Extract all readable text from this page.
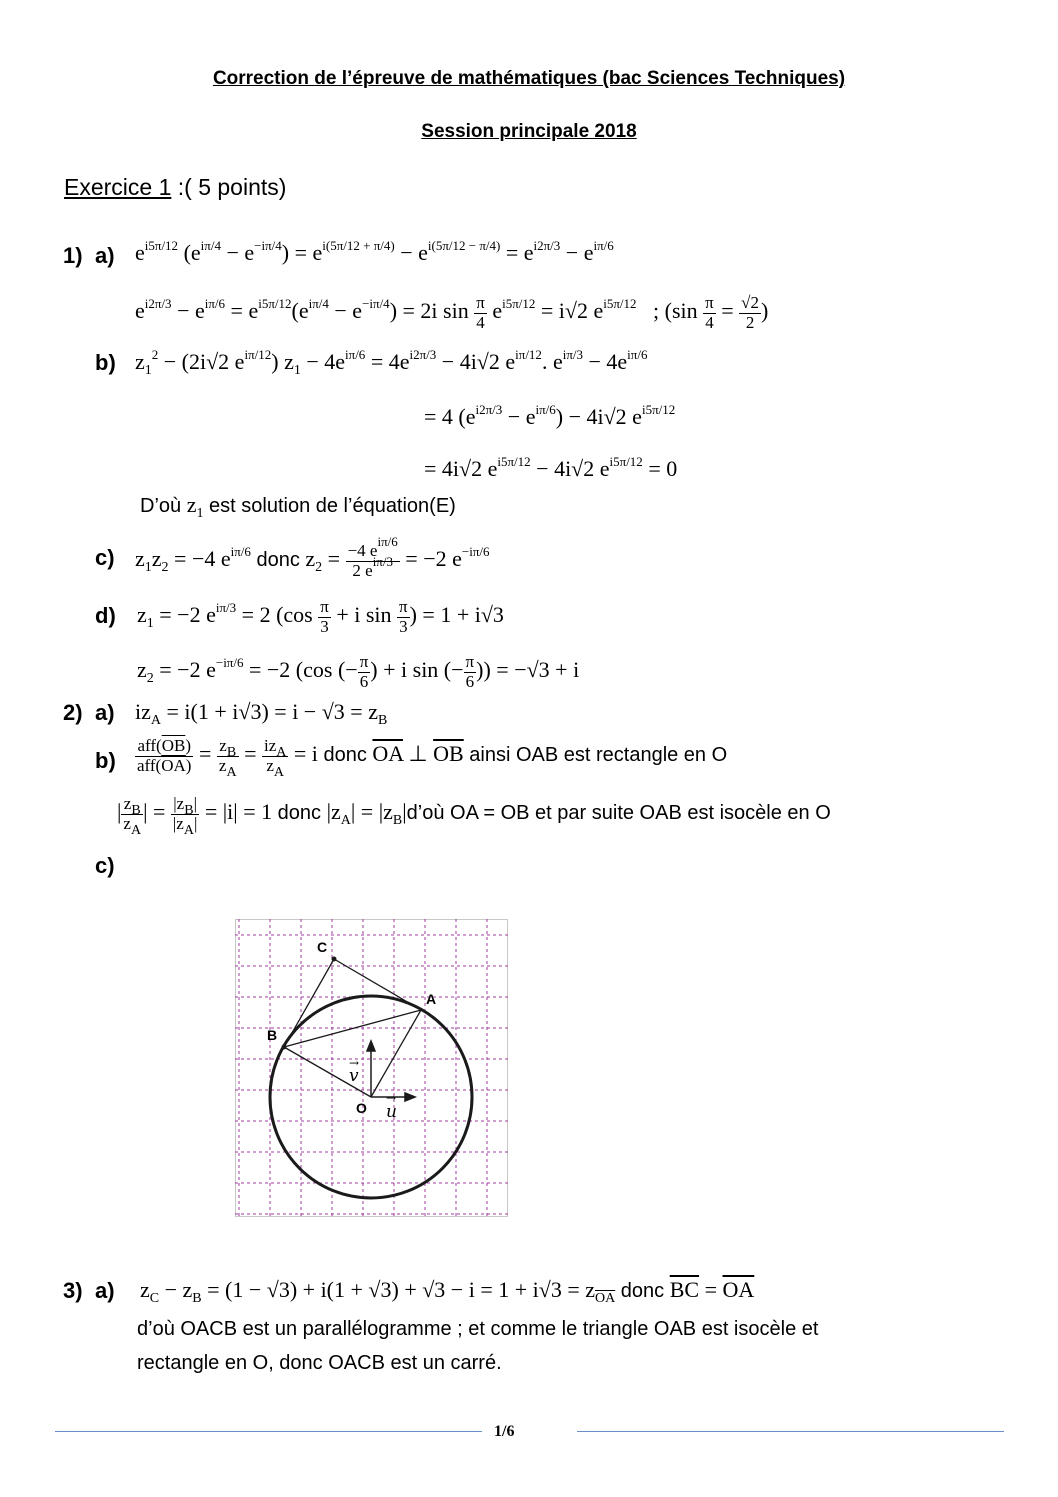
Correction de l’épreuve de mathématiques (bac Sciences Techniques)
Session principale 2018
Exercice 1 :( 5 points)
1) a) $e^{i5\pi/12}$ $(e^{i\pi/4} - e^{-i\pi/4}) = e^{i(5\pi/12 + \pi/4)} - e^{i(5\pi/12 - \pi/4)} = e^{i2\pi/3} - e^{i\pi/6}$
$e^{i2\pi/3} - e^{i\pi/6} = e^{i5\pi/12}(e^{i\pi/4} - e^{-i\pi/4}) = 2i$ $\sin \frac{\pi}{4} e^{i5\pi/12} = i√2$ $e^{i5\pi/12}$   ; ($\sin \frac{\pi}{4} = \frac{√2}{2}$ )
b) $z_1^2 - (2i√2$ $e^{i\pi/12}$) $z_1 - 4e^{i\pi/6} = 4e^{i2\pi/3} - 4i√2$ $e^{i\pi/12}$. $e^{i\pi/3} - 4e^{i\pi/6}$
= 4 $(e^{i2\pi/3} - e^{i\pi/6}) - 4i√2$ $e^{i5\pi/12}$
= 4i√2 $e^{i5\pi/12} - 4i√2$ $e^{i5\pi/12} = 0$
D’où $z_1$ est solution de l’équation(E)
c) $z_1z_2 = -4$ $e^{i\pi/6}$ donc $z_2 = \frac{-4 e^{i\pi/6}}{2 e^{i\pi/3}} = -2$ $e^{-i\pi/6}$
d) $z_1 = -2$ $e^{i\pi/3} = 2$ ($\cos \frac{\pi}{3} + i$ $\sin \frac{\pi}{3}$ ) = 1 + i√3
$z_2 = -2$ $e^{-i\pi/6} = -2$ (cos (− $\frac{\pi}{6}$ ) + i sin (− $\frac{\pi}{6}$ )) = −√3 + i
2) a) $iz_A = i(1 + i√3) = i - √3 = z_B$
$b) \frac{aff(\overline{OB})}{aff(\overline{OA})} = \frac{z_B}{z_A} = \frac{iz_A}{z_A} = i$ donc $\overline{OA}$ ⊥ $\overline{OB}$ ainsi OAB est rectangle en O
| $\frac{z_B}{z_A}$ | = $\frac{|z_B|}{|z_A|} = |i| = 1$ donc $|z_A|$ = $|z_B|d’où$ OA = OB et par suite OAB est isocèle en O
c)
C
A
B
O
v
→
u
→
3) a) $z_C - z_B = (1 - √3) + i(1 + √3) + √3 - i = 1 + i√3 = z_{\overline{OA}}$ donc $\overline{BC} = \overline{OA}$
d’où OACB est un parallélogramme ; et comme le triangle OAB est isocèle et
rectangle en O, donc OACB est un carré.
1/6
